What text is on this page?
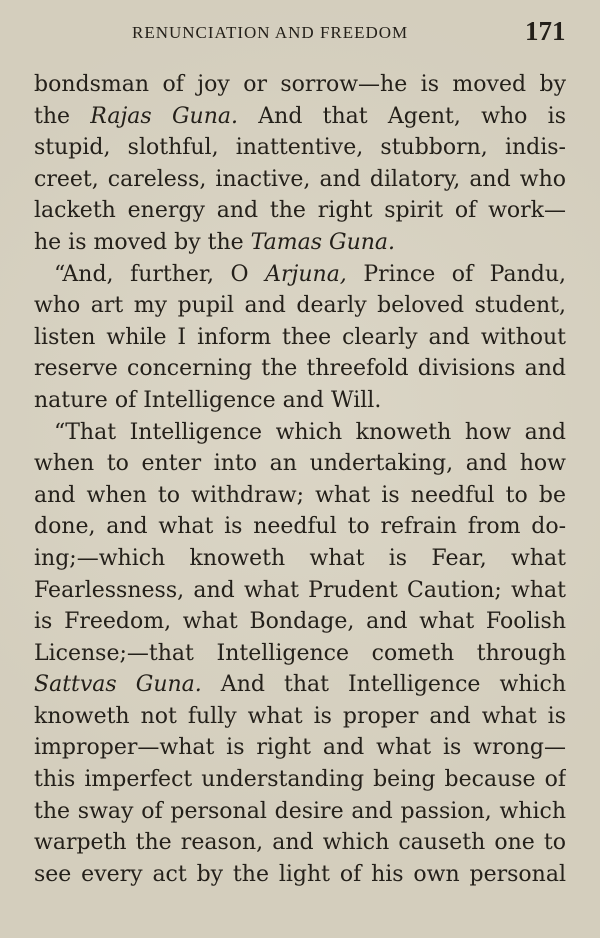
RENUNCIATION AND FREEDOM	171
bondsman of joy or sorrow—he is moved by
the Rajas Guna. And that Agent, who is
stupid, slothful, inattentive, stubborn, indis-
creet, careless, inactive, and dilatory, and who
lacketh energy and the right spirit of work—
he is moved by the Tamas Guna.
“And, further, O Arjuna, Prince of Pandu,
who art my pupil and dearly beloved student,
listen while I inform thee clearly and without
reserve concerning the threefold divisions and
nature of Intelligence and Will.
“That Intelligence which knoweth how and
when to enter into an undertaking, and how
and when to withdraw; what is needful to be
done, and what is needful to refrain from do-
ing;—which knoweth what is Fear, what
Fearlessness, and what Prudent Caution; what
is Freedom, what Bondage, and what Foolish
License;—that Intelligence cometh through
Sattvas Guna. And that Intelligence which
knoweth not fully what is proper and what is
improper—what is right and what is wrong—
this imperfect understanding being because of
the sway of personal desire and passion, which
warpeth the reason, and which causeth one to
see every act by the light of his own personal
